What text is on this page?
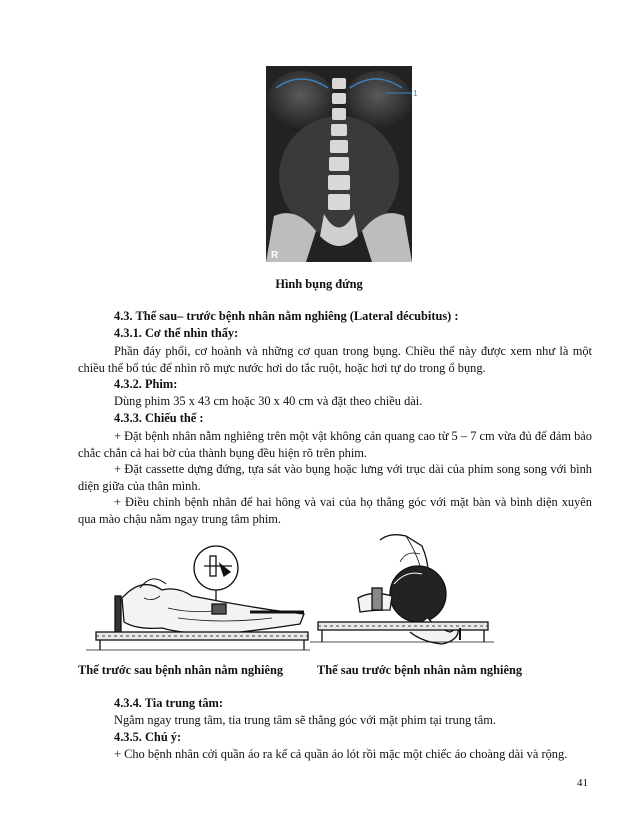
R
1
Hình bụng đứng
4.3. Thế sau– trước bệnh nhân nằm nghiêng (Lateral décubitus) :
4.3.1. Cơ thể nhìn thấy:
Phần đáy phổi, cơ hoành và những cơ quan trong bụng. Chiều thế này được xem như là một chiều thế bổ túc để nhìn rõ mực nước hơi do tắc ruột, hoặc hơi tự do trong ổ bụng.
4.3.2. Phim:
Dùng phim 35 x 43 cm hoặc 30 x 40 cm và đặt theo chiều dài.
4.3.3. Chiếu thế :
+ Đặt bệnh nhân nằm nghiêng trên một vật không cản quang cao từ 5 – 7 cm vừa đủ để đảm bảo chắc chắn cả hai bờ của thành bụng đều hiện rõ trên phim.
+ Đặt cassette dựng đứng, tựa sát vào bụng hoặc lưng với trục dài của phim song song với bình diện giữa của thân mình.
+ Điều chỉnh bệnh nhân để hai hông và vai của họ thẳng góc với mặt bàn và bình diện xuyên qua mào chậu nằm ngay trung tâm phim.
Thế trước sau bệnh nhân nằm nghiêng	Thế sau trước bệnh nhân nằm nghiêng
4.3.4. Tia trung tâm:
Ngắm ngay trung tâm, tia trung tâm sẽ thẳng góc với mặt phim tại trung tâm.
4.3.5. Chú ý:
+ Cho bệnh nhân cởi quần áo ra kể cả quần áo lót rồi mặc một chiếc áo choàng dài và rộng.
41
